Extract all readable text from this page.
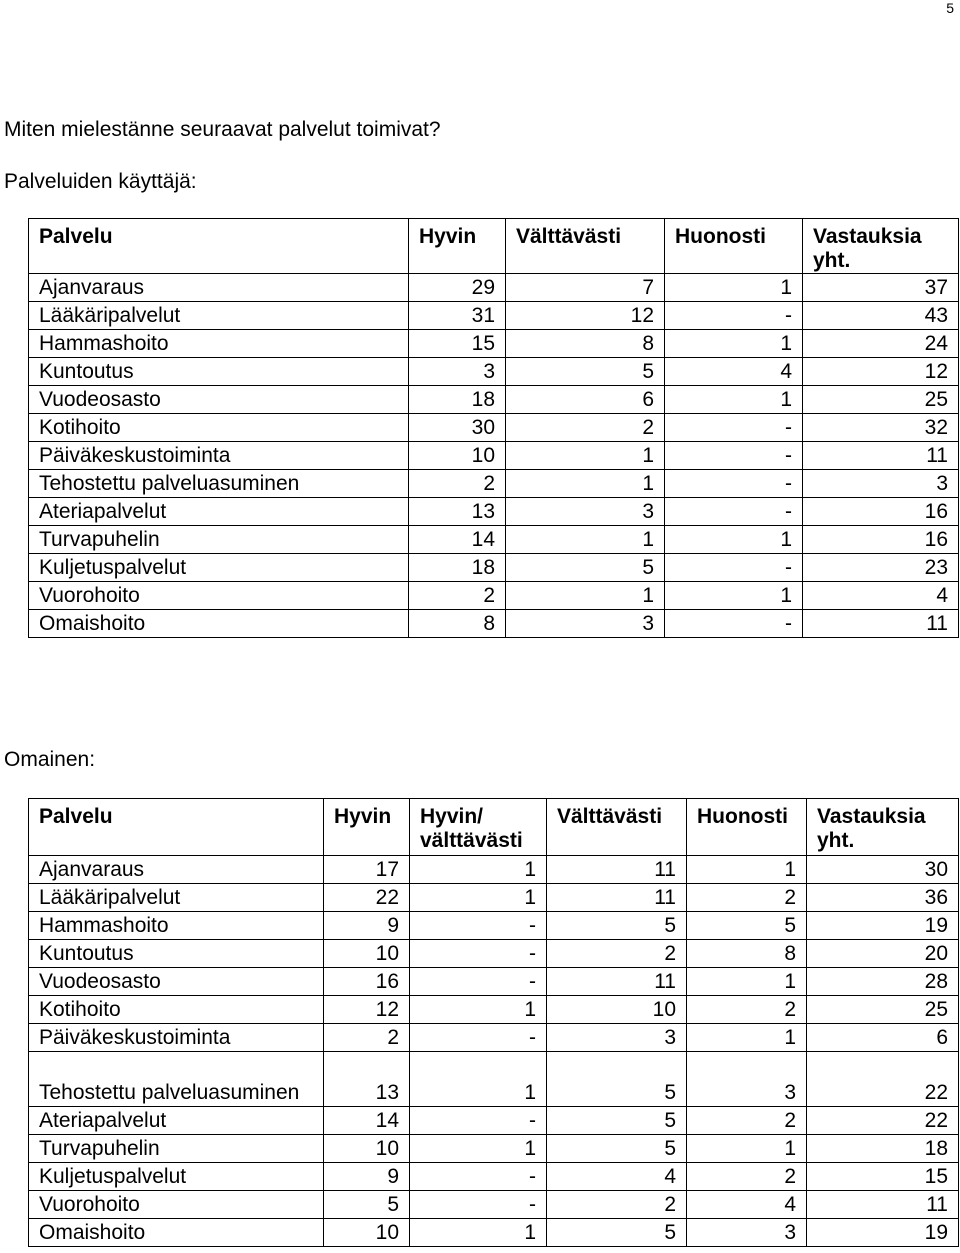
5
Miten mielestänne seuraavat palvelut toimivat?
Palveluiden käyttäjä:
Palvelu	Hyvin	Välttävästi	Huonosti	Vastauksia yht.
Ajanvaraus	29	7	1	37
Lääkäripalvelut	31	12	-	43
Hammashoito	15	8	1	24
Kuntoutus	3	5	4	12
Vuodeosasto	18	6	1	25
Kotihoito	30	2	-	32
Päiväkeskustoiminta	10	1	-	11
Tehostettu palveluasuminen	2	1	-	3
Ateriapalvelut	13	3	-	16
Turvapuhelin	14	1	1	16
Kuljetuspalvelut	18	5	-	23
Vuorohoito	2	1	1	4
Omaishoito	8	3	-	11
Omainen:
Palvelu	Hyvin	Hyvin/ välttävästi	Välttävästi	Huonosti	Vastauksia yht.
Ajanvaraus	17	1	11	1	30
Lääkäripalvelut	22	1	11	2	36
Hammashoito	9	-	5	5	19
Kuntoutus	10	-	2	8	20
Vuodeosasto	16	-	11	1	28
Kotihoito	12	1	10	2	25
Päiväkeskustoiminta	2	-	3	1	6
Tehostettu palveluasuminen	13	1	5	3	22
Ateriapalvelut	14	-	5	2	22
Turvapuhelin	10	1	5	1	18
Kuljetuspalvelut	9	-	4	2	15
Vuorohoito	5	-	2	4	11
Omaishoito	10	1	5	3	19
